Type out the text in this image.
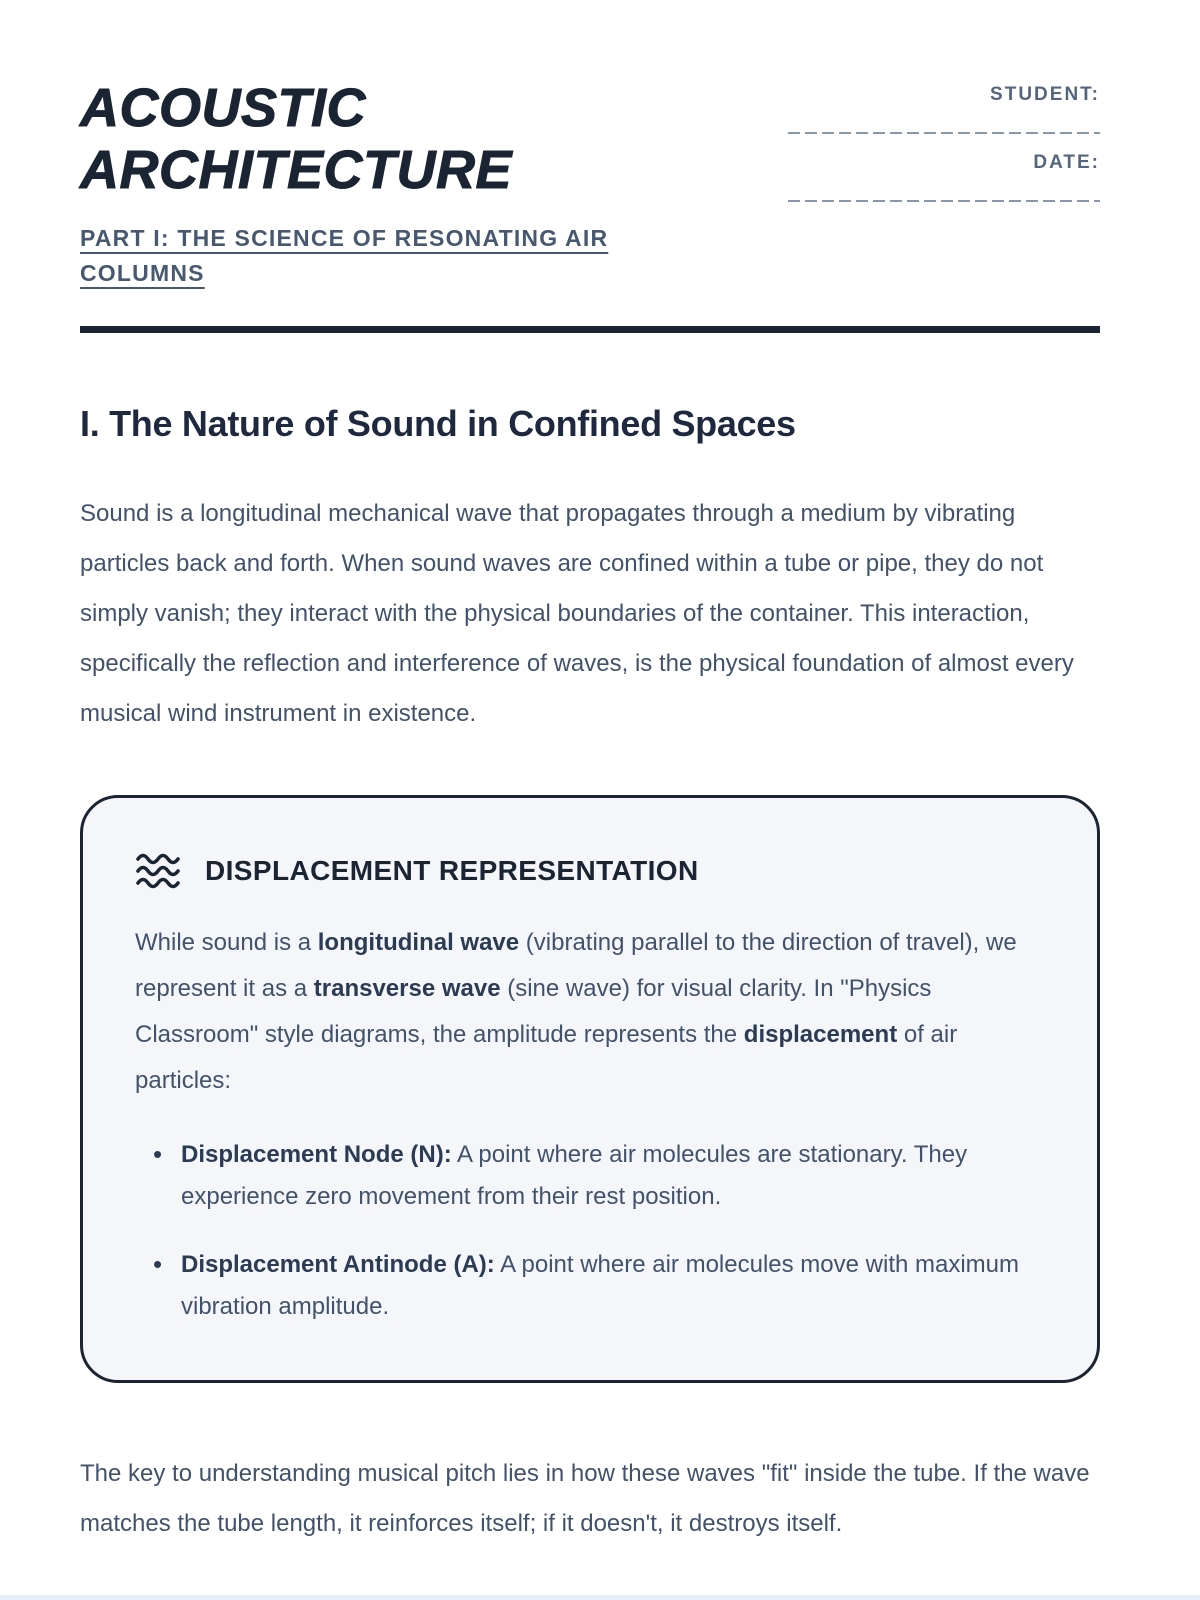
ACOUSTIC
ARCHITECTURE
PART I: THE SCIENCE OF RESONATING AIR COLUMNS
STUDENT:
DATE:
I. The Nature of Sound in Confined Spaces

Sound is a longitudinal mechanical wave that propagates through a medium by vibrating particles back and forth. When sound waves are confined within a tube or pipe, they do not simply vanish; they interact with the physical boundaries of the container. This interaction, specifically the reflection and interference of waves, is the physical foundation of almost every musical wind instrument in existence.

DISPLACEMENT REPRESENTATION

While sound is a longitudinal wave (vibrating parallel to the direction of travel), we represent it as a transverse wave (sine wave) for visual clarity. In "Physics Classroom" style diagrams, the amplitude represents the displacement of air particles:

• Displacement Node (N): A point where air molecules are stationary. They experience zero movement from their rest position.
• Displacement Antinode (A): A point where air molecules move with maximum vibration amplitude.

The key to understanding musical pitch lies in how these waves "fit" inside the tube. If the wave matches the tube length, it reinforces itself; if it doesn't, it destroys itself.
